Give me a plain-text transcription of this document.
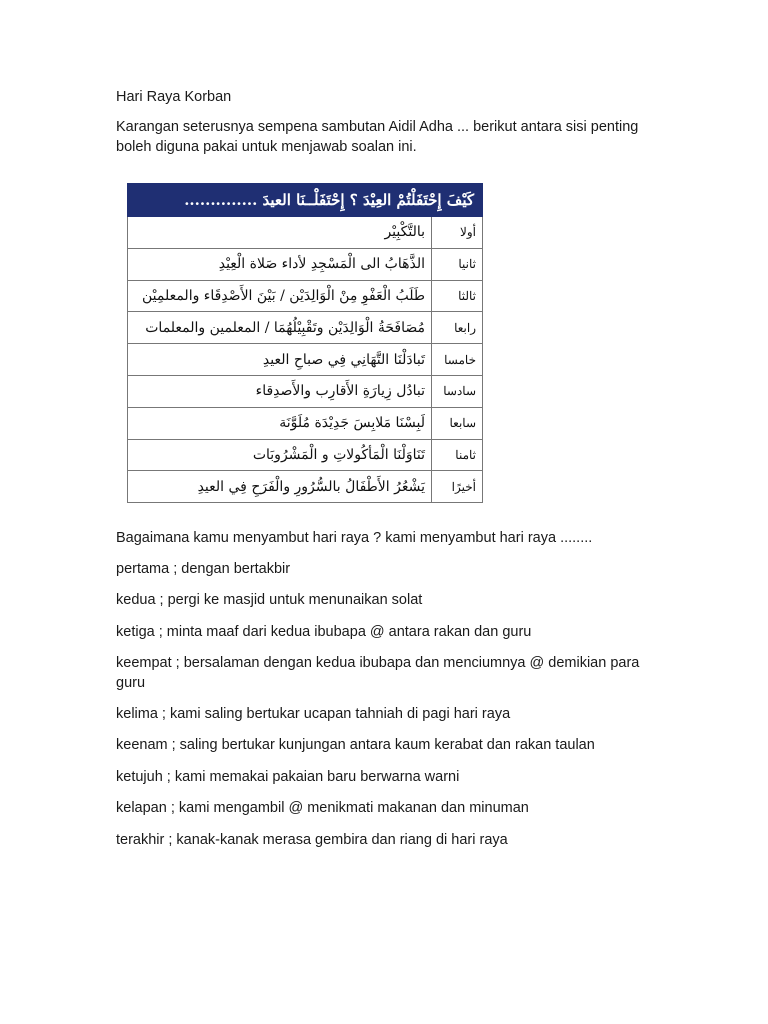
Hari Raya Korban

Karangan seterusnya sempena sambutan Aidil Adha ... berikut antara sisi penting boleh diguna pakai untuk menjawab soalan ini.

كَيْفَ إِحْتَفَلْتُمْ العِيْدَ ؟ إِحْتَفَلْــنَا العيدَ ..............	
أولا	بالتَّكْبِيْر
ثانيا	الذَّهَابُ الى الْمَسْجِدِ لأداء صَلاة الْعِيْدِ
ثالثا	طَلَبُ الْعَفْوِ مِنْ الْوَالِدَيْن / بَيْنَ الأَصْدِقَاء والمعلمِيْن
رابعا	مُصَافَحَةُ الْوَالِدَيْن وتَقْبِيْلُهُمَا / المعلمين والمعلمات
خامسا	تَبادَلْنَا التَّهَانِي فِي صباحِ العيدِ
سادسا	تبادُل زِيارَةِ الأَقارِب والأَصدِقاء
سابعا	لَبِسْنَا مَلابِسَ جَدِيْدَة مُلَوَّنَة
ثامنا	تَنَاوَلْنَا الْمَأكُولاتِ و الْمَشْرُوبَات
أخيرًا	يَشْعُرُ الأَطْفَالُ بالسُّرُورِ والْفَرَحِ فِي العيدِ

Bagaimana kamu menyambut hari raya ? kami menyambut hari raya ........

pertama ; dengan bertakbir

kedua ; pergi ke masjid untuk menunaikan solat

ketiga ; minta maaf dari kedua ibubapa @ antara rakan dan guru

keempat ; bersalaman dengan kedua ibubapa dan menciumnya @ demikian para guru

kelima ; kami saling bertukar ucapan tahniah di pagi hari raya

keenam ; saling bertukar kunjungan antara kaum kerabat dan rakan taulan

ketujuh ; kami memakai pakaian baru berwarna warni

kelapan ; kami mengambil @ menikmati makanan dan minuman

terakhir ; kanak-kanak merasa gembira dan riang di hari raya
